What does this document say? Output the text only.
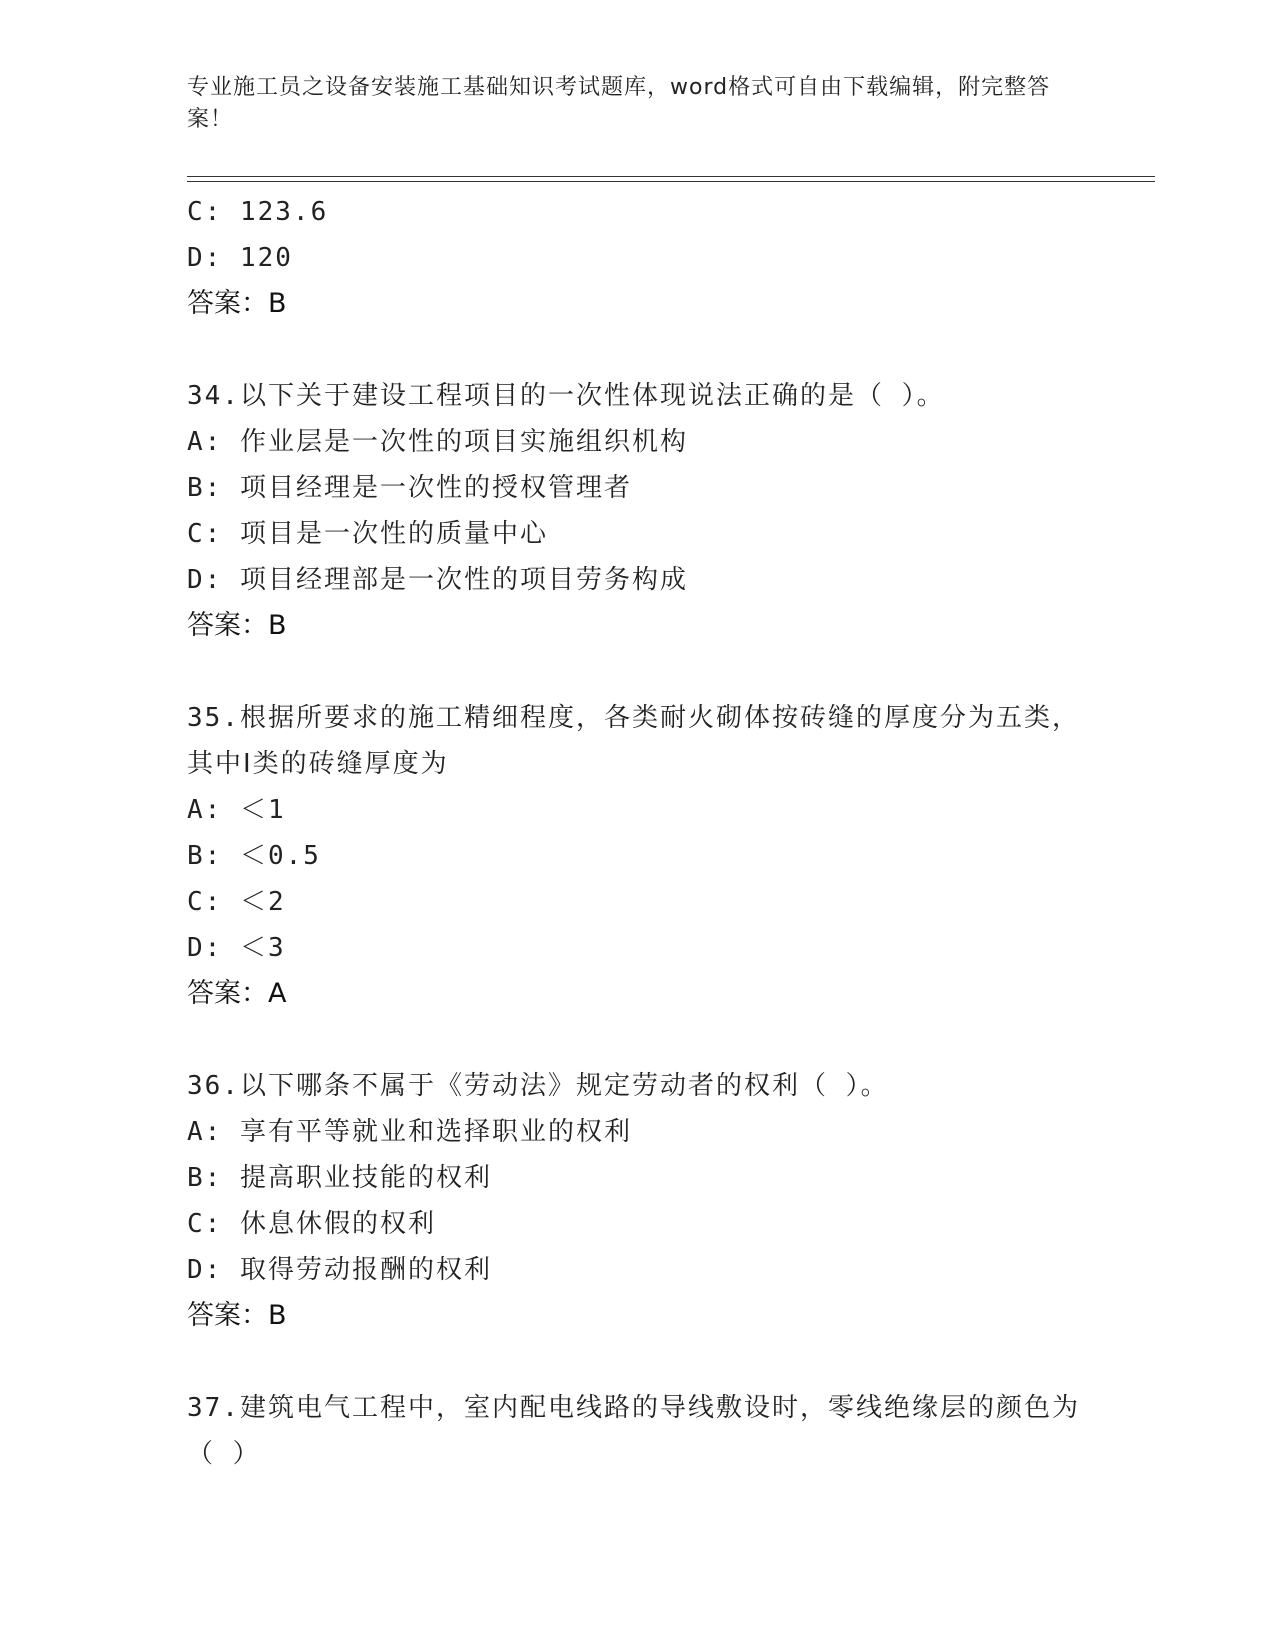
专业施工员之设备安装施工基础知识考试题库，word格式可自由下载编辑，附完整答案！
C: 123.6
D: 120
答案：B
34.以下关于建设工程项目的一次性体现说法正确的是（ ）。
A: 作业层是一次性的项目实施组织机构
B: 项目经理是一次性的授权管理者
C: 项目是一次性的质量中心
D: 项目经理部是一次性的项目劳务构成
答案：B
35.根据所要求的施工精细程度，各类耐火砌体按砖缝的厚度分为五类，其中Ⅰ类的砖缝厚度为
A: ＜1
B: ＜0.5
C: ＜2
D: ＜3
答案：A
36.以下哪条不属于《劳动法》规定劳动者的权利（ ）。
A: 享有平等就业和选择职业的权利
B: 提高职业技能的权利
C: 休息休假的权利
D: 取得劳动报酬的权利
答案：B
37.建筑电气工程中，室内配电线路的导线敷设时，零线绝缘层的颜色为（ ）
